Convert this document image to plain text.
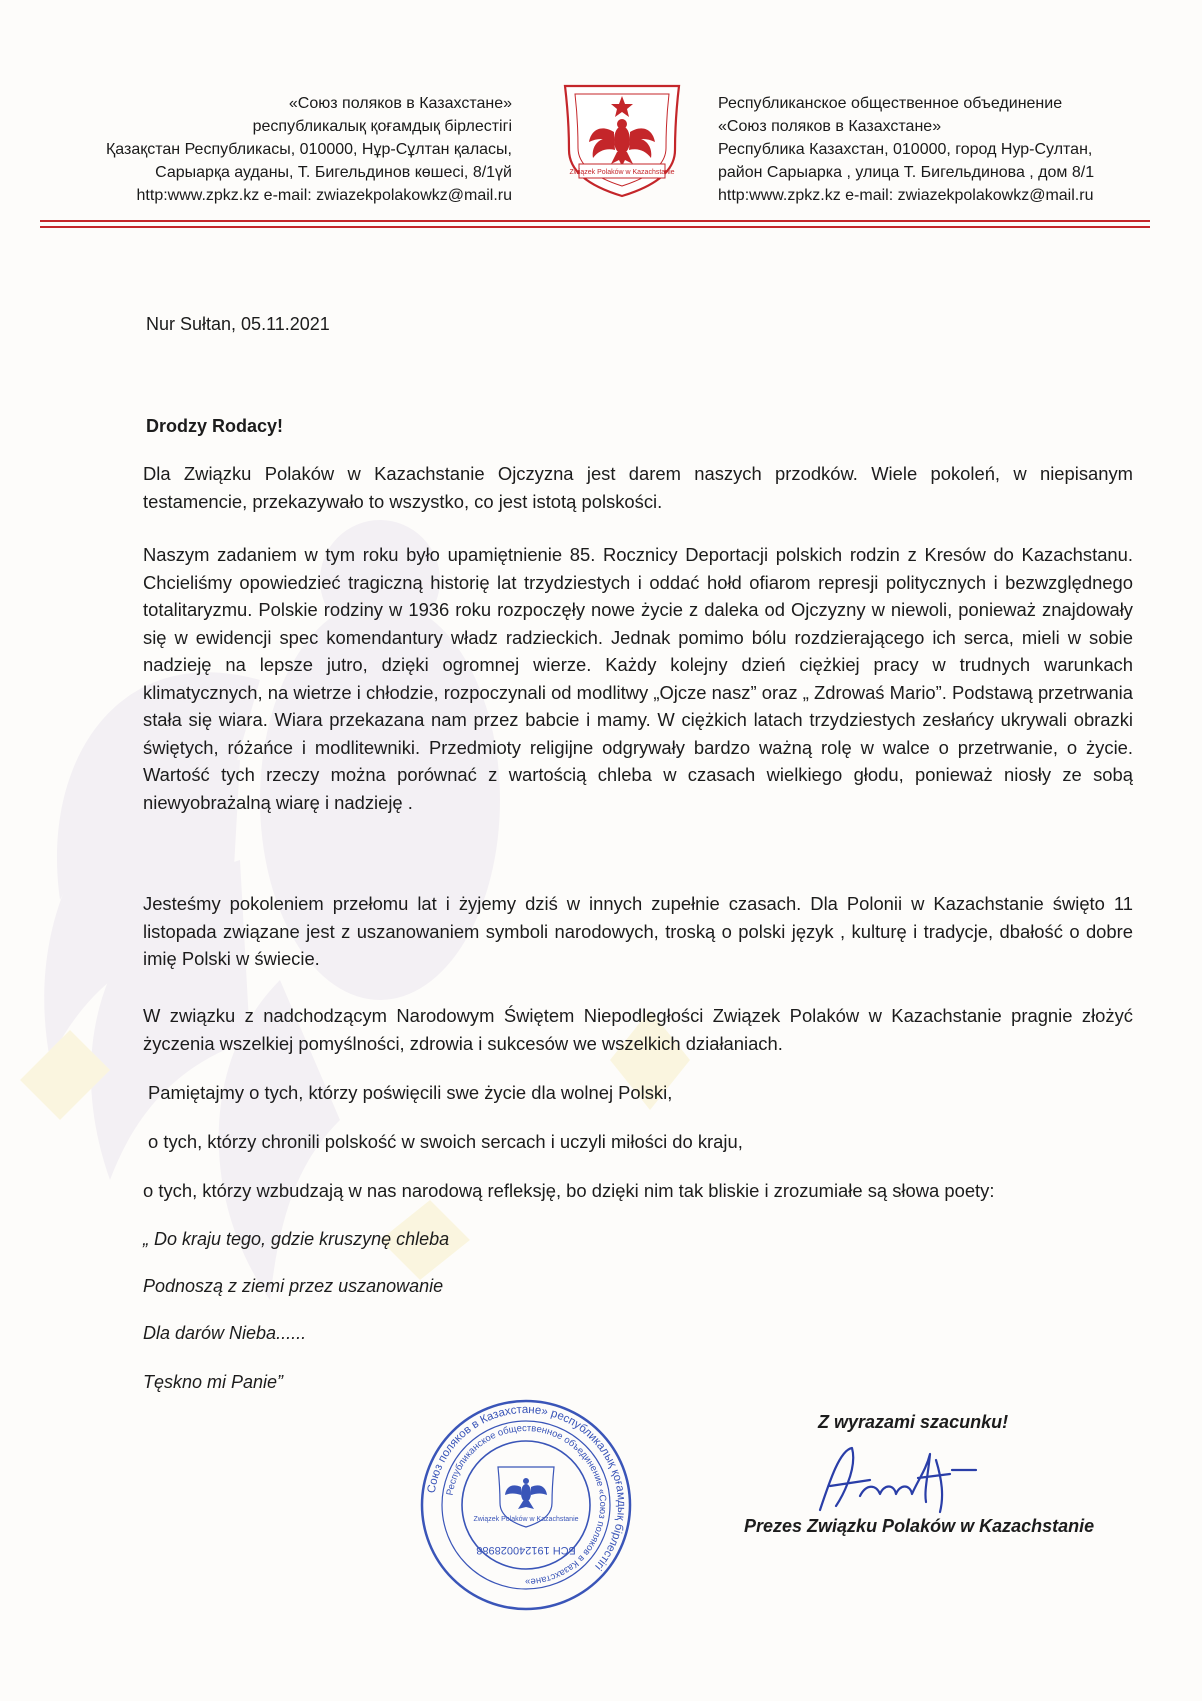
«Союз поляков в Казахстане»
республикалық қоғамдық бірлестігі
Қазақстан Республикасы, 010000, Нұр-Сұлтан қаласы,
Сарыарқа ауданы, Т. Бигельдинов көшесі, 8/1үй
http:www.zpkz.kz e-mail: zwiazekpolakowkz@mail.ru
Związek Polaków w Kazachstanie
Республиканское общественное объединение
«Союз поляков в Казахстане»
Республика Казахстан, 010000, город Нур-Султан,
район Сарыарка , улица Т. Бигельдинова , дом 8/1
http:www.zpkz.kz e-mail: zwiazekpolakowkz@mail.ru
Nur Sułtan, 05.11.2021
Drodzy Rodacy!
Dla Związku Polaków w Kazachstanie Ojczyzna jest darem naszych przodków. Wiele pokoleń, w niepisanym testamencie, przekazywało to wszystko, co jest istotą polskości.
Naszym zadaniem w tym roku było upamiętnienie 85. Rocznicy Deportacji polskich rodzin z Kresów do Kazachstanu. Chcieliśmy opowiedzieć tragiczną historię lat trzydziestych i oddać hołd ofiarom represji politycznych i bezwzględnego totalitaryzmu. Polskie rodziny w 1936 roku rozpoczęły nowe życie z daleka od Ojczyzny w niewoli, ponieważ znajdowały się w ewidencji spec komendantury władz radzieckich. Jednak pomimo bólu rozdzierającego ich serca, mieli w sobie nadzieję na lepsze jutro, dzięki ogromnej wierze. Każdy kolejny dzień ciężkiej pracy w trudnych warunkach klimatycznych, na wietrze i chłodzie, rozpoczynali od modlitwy „Ojcze nasz” oraz „ Zdrowaś Mario”. Podstawą przetrwania stała się wiara. Wiara przekazana nam przez babcie i mamy. W ciężkich latach trzydziestych zesłańcy ukrywali obrazki świętych, różańce i modlitewniki. Przedmioty religijne odgrywały bardzo ważną rolę w walce o przetrwanie, o życie. Wartość tych rzeczy można porównać z wartością chleba w czasach wielkiego głodu, ponieważ niosły ze sobą niewyobrażalną wiarę i nadzieję .
Jesteśmy pokoleniem przełomu lat i żyjemy dziś w innych zupełnie czasach. Dla Polonii w Kazachstanie święto 11 listopada związane jest z uszanowaniem symboli narodowych, troską o polski język , kulturę i tradycje, dbałość o dobre imię Polski w świecie.
W związku z nadchodzącym Narodowym Świętem Niepodległości Związek Polaków w Kazachstanie pragnie złożyć życzenia wszelkiej pomyślności, zdrowia i sukcesów we wszelkich działaniach.
Pamiętajmy o tych, którzy poświęcili swe życie dla wolnej Polski,
o tych, którzy chronili polskość w swoich sercach i uczyli miłości do kraju,
o tych, którzy wzbudzają w nas narodową refleksję, bo dzięki nim tak bliskie i zrozumiałe są słowa poety:
„ Do kraju tego, gdzie kruszynę chleba
Podnoszą z ziemi przez uszanowanie
Dla darów Nieba......
Tęskno mi Panie”
Союз поляков в Казахстане» республикалық қоғамдық бірлестігі
Республиканское общественное объединение «Союз поляков в Казахстане»
Związek Polaków w Kazachstanie
БСН 191240028988
Z wyrazami szacunku!
Prezes Związku Polaków w Kazachstanie
